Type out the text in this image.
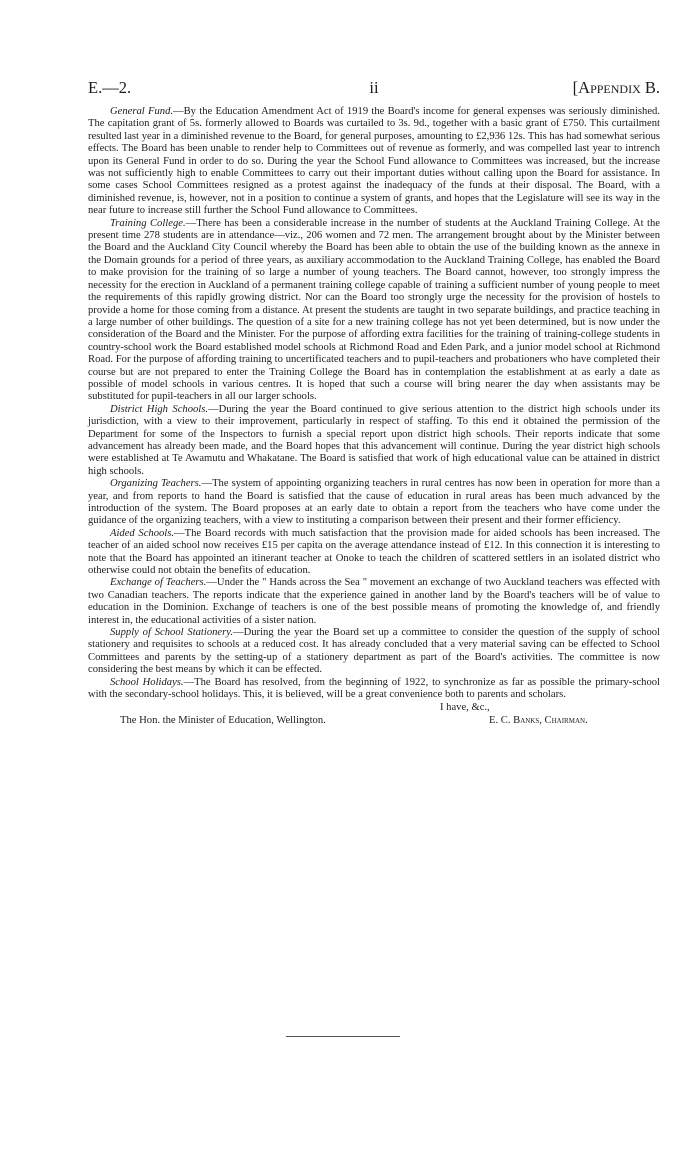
E.—2.	ii	[Appendix B.

General Fund.—By the Education Amendment Act of 1919 the Board's income for general expenses was seriously diminished. The capitation grant of 5s. formerly allowed to Boards was curtailed to 3s. 9d., together with a basic grant of £750. This curtailment resulted last year in a diminished revenue to the Board, for general purposes, amounting to £2,936 12s. This has had somewhat serious effects. The Board has been unable to render help to Committees out of revenue as formerly, and was compelled last year to intrench upon its General Fund in order to do so. During the year the School Fund allowance to Committees was increased, but the increase was not sufficiently high to enable Committees to carry out their important duties without calling upon the Board for assistance. In some cases School Committees resigned as a protest against the inadequacy of the funds at their disposal. The Board, with a diminished revenue, is, however, not in a position to continue a system of grants, and hopes that the Legislature will see its way in the near future to increase still further the School Fund allowance to Committees.

Training College.—There has been a considerable increase in the number of students at the Auckland Training College. At the present time 278 students are in attendance—viz., 206 women and 72 men. The arrangement brought about by the Minister between the Board and the Auckland City Council whereby the Board has been able to obtain the use of the building known as the annexe in the Domain grounds for a period of three years, as auxiliary accommodation to the Auckland Training College, has enabled the Board to make provision for the training of so large a number of young teachers. The Board cannot, however, too strongly impress the necessity for the erection in Auckland of a permanent training college capable of training a sufficient number of young people to meet the requirements of this rapidly growing district. Nor can the Board too strongly urge the necessity for the provision of hostels to provide a home for those coming from a distance. At present the students are taught in two separate buildings, and practice teaching in a large number of other buildings. The question of a site for a new training college has not yet been determined, but is now under the consideration of the Board and the Minister. For the purpose of affording extra facilities for the training of training-college students in country-school work the Board established model schools at Richmond Road and Eden Park, and a junior model school at Richmond Road. For the purpose of affording training to uncertificated teachers and to pupil-teachers and probationers who have completed their course but are not prepared to enter the Training College the Board has in contemplation the establishment at as early a date as possible of model schools in various centres. It is hoped that such a course will bring nearer the day when assistants may be substituted for pupil-teachers in all our larger schools.

District High Schools.—During the year the Board continued to give serious attention to the district high schools under its jurisdiction, with a view to their improvement, particularly in respect of staffing. To this end it obtained the permission of the Department for some of the Inspectors to furnish a special report upon district high schools. Their reports indicate that some advancement has already been made, and the Board hopes that this advancement will continue. During the year district high schools were established at Te Awamutu and Whakatane. The Board is satisfied that work of high educational value can be attained in district high schools.

Organizing Teachers.—The system of appointing organizing teachers in rural centres has now been in operation for more than a year, and from reports to hand the Board is satisfied that the cause of education in rural areas has been much advanced by the introduction of the system. The Board proposes at an early date to obtain a report from the teachers who have come under the guidance of the organizing teachers, with a view to instituting a comparison between their present and their former efficiency.

Aided Schools.—The Board records with much satisfaction that the provision made for aided schools has been increased. The teacher of an aided school now receives £15 per capita on the average attendance instead of £12. In this connection it is interesting to note that the Board has appointed an itinerant teacher at Onoke to teach the children of scattered settlers in an isolated district who otherwise could not obtain the benefits of education.

Exchange of Teachers.—Under the " Hands across the Sea " movement an exchange of two Auckland teachers was effected with two Canadian teachers. The reports indicate that the experience gained in another land by the Board's teachers will be of value to education in the Dominion. Exchange of teachers is one of the best possible means of promoting the knowledge of, and friendly interest in, the educational activities of a sister nation.

Supply of School Stationery.—During the year the Board set up a committee to consider the question of the supply of school stationery and requisites to schools at a reduced cost. It has already concluded that a very material saving can be effected to School Committees and parents by the setting-up of a stationery department as part of the Board's activities. The committee is now considering the best means by which it can be effected.

School Holidays.—The Board has resolved, from the beginning of 1922, to synchronize as far as possible the primary-school with the secondary-school holidays. This, it is believed, will be a great convenience both to parents and scholars.

I have, &c.,
The Hon. the Minister of Education, Wellington.	E. C. Banks, Chairman.
